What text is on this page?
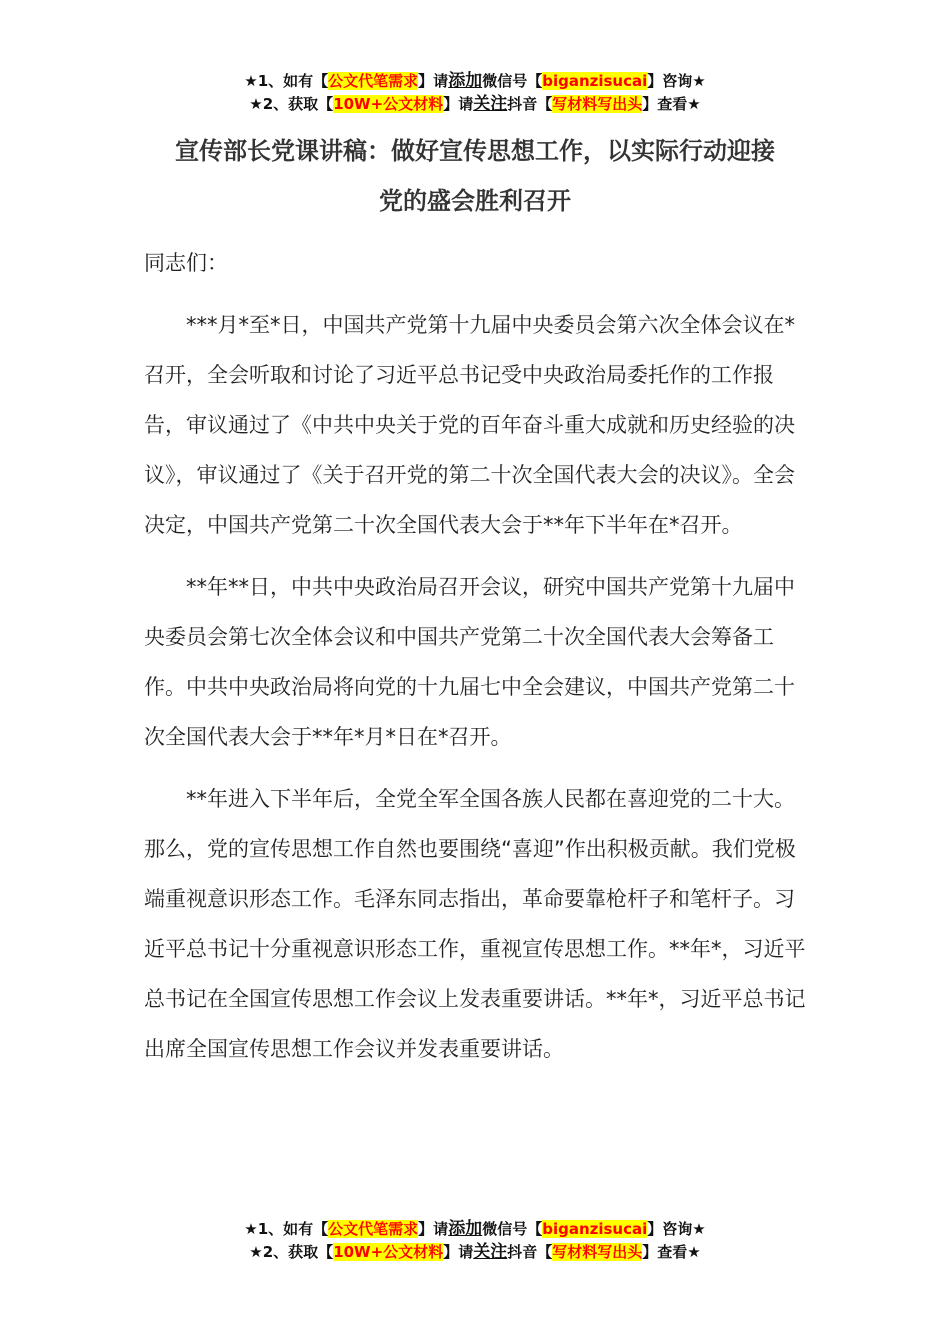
★1、如有【公文代笔需求】请添加微信号【biganzisucai】咨询★
★2、获取【10W+公文材料】请关注抖音【写材料写出头】查看★
宣传部长党课讲稿：做好宣传思想工作，以实际行动迎接
党的盛会胜利召开

同志们：

***月*至*日，中国共产党第十九届中央委员会第六次全体会议在*召开，全会听取和讨论了习近平总书记受中央政治局委托作的工作报告，审议通过了《中共中央关于党的百年奋斗重大成就和历史经验的决议》，审议通过了《关于召开党的第二十次全国代表大会的决议》。全会决定，中国共产党第二十次全国代表大会于**年下半年在*召开。

**年**日，中共中央政治局召开会议，研究中国共产党第十九届中央委员会第七次全体会议和中国共产党第二十次全国代表大会筹备工作。中共中央政治局将向党的十九届七中全会建议，中国共产党第二十次全国代表大会于**年*月*日在*召开。

**年进入下半年后，全党全军全国各族人民都在喜迎党的二十大。那么，党的宣传思想工作自然也要围绕“喜迎”作出积极贡献。我们党极端重视意识形态工作。毛泽东同志指出，革命要靠枪杆子和笔杆子。习近平总书记十分重视意识形态工作，重视宣传思想工作。**年*，习近平总书记在全国宣传思想工作会议上发表重要讲话。**年*，习近平总书记出席全国宣传思想工作会议并发表重要讲话。

★1、如有【公文代笔需求】请添加微信号【biganzisucai】咨询★
★2、获取【10W+公文材料】请关注抖音【写材料写出头】查看★
